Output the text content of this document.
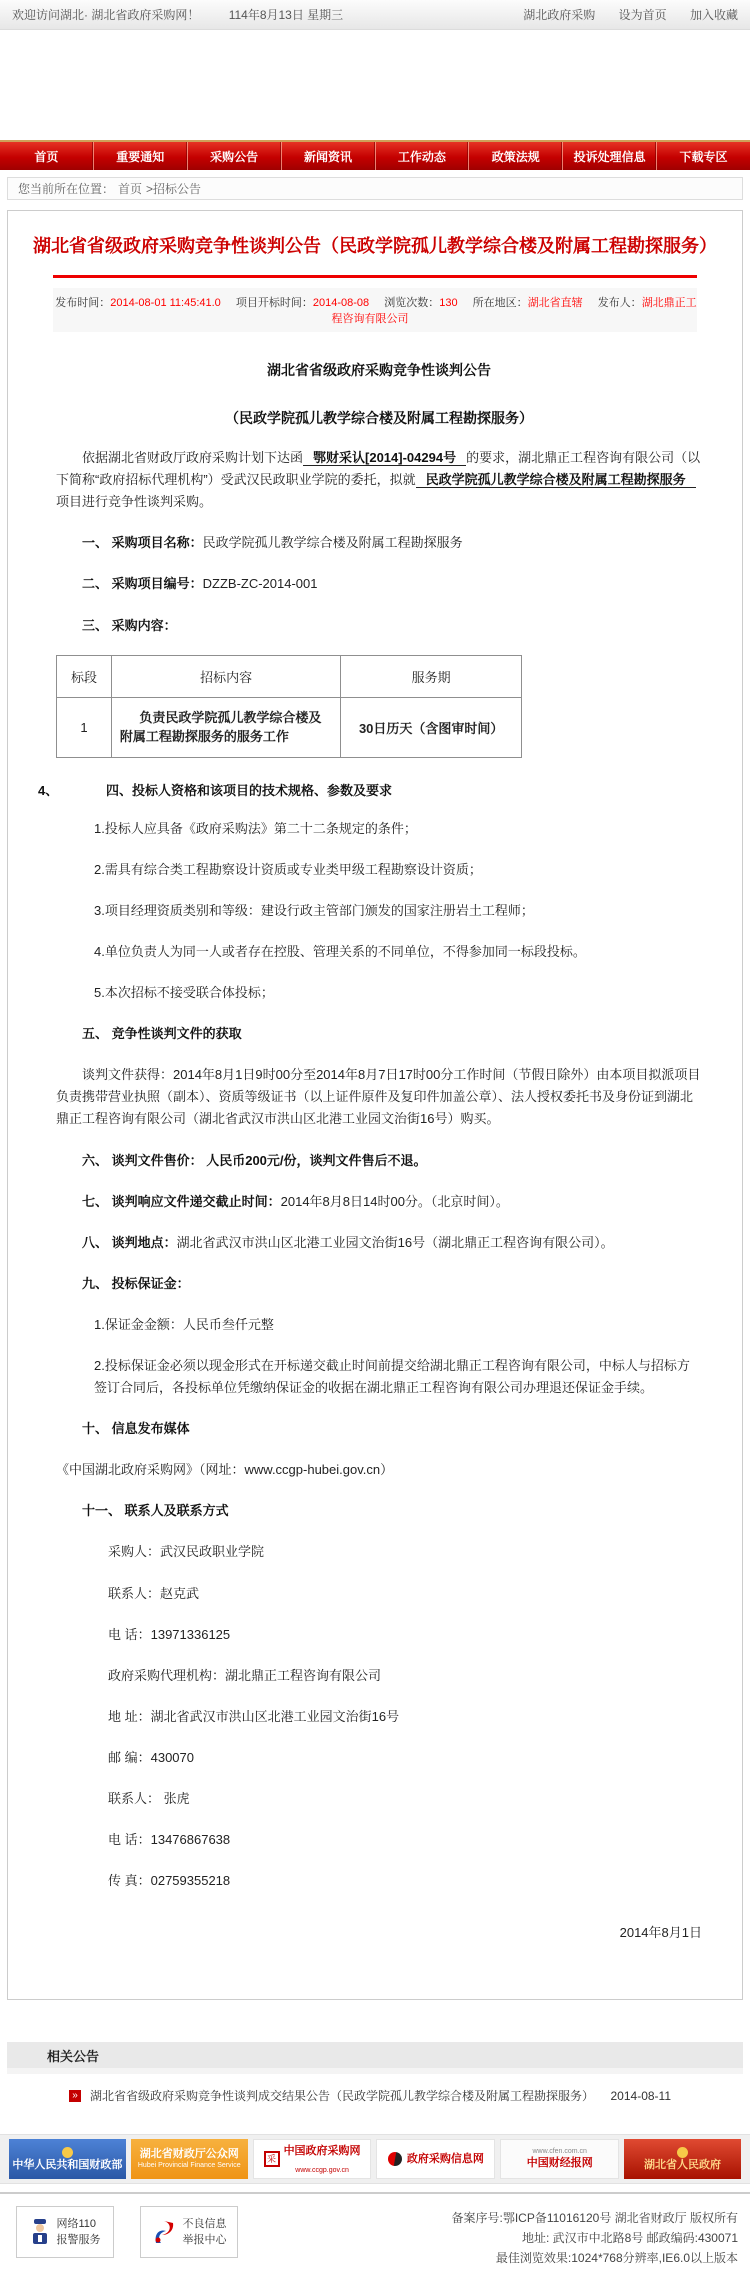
欢迎访问湖北· 湖北省政府采购网！ 114年8月13日 星期三	湖北政府采购 设为首页 加入收藏
首页	重要通知	采购公告	新闻资讯	工作动态	政策法规	投诉处理信息	下载专区
您当前所在位置： 首页 >招标公告
湖北省省级政府采购竞争性谈判公告（民政学院孤儿教学综合楼及附属工程勘探服务）
发布时间：2014-08-01 11:45:41.0 项目开标时间：2014-08-08 浏览次数：130 所在地区：湖北省直辖 发布人：湖北鼎正工程咨询有限公司
湖北省省级政府采购竞争性谈判公告
（民政学院孤儿教学综合楼及附属工程勘探服务）

依据湖北省财政厅政府采购计划下达函 鄂财采认[2014]-04294号 的要求，湖北鼎正工程咨询有限公司（以下简称“政府招标代理机构”）受武汉民政职业学院的委托，拟就 民政学院孤儿教学综合楼及附属工程勘探服务项目进行竞争性谈判采购。

一、 采购项目名称：民政学院孤儿教学综合楼及附属工程勘探服务

二、 采购项目编号：DZZB-ZC-2014-001

三、 采购内容：

标段	招标内容	服务期
1	负责民政学院孤儿教学综合楼及附属工程勘探服务的服务工作	30日历天（含图审时间）
4、	四、投标人资格和该项目的技术规格、参数及要求

1.投标人应具备《政府采购法》第二十二条规定的条件；

2.需具有综合类工程勘察设计资质或专业类甲级工程勘察设计资质；

3.项目经理资质类别和等级：建设行政主管部门颁发的国家注册岩土工程师；

4.单位负责人为同一人或者存在控股、管理关系的不同单位，不得参加同一标段投标。

5.本次招标不接受联合体投标；

五、 竞争性谈判文件的获取

谈判文件获得：2014年8月1日9时00分至2014年8月7日17时00分工作时间（节假日除外）由本项目拟派项目负责携带营业执照（副本）、资质等级证书（以上证件原件及复印件加盖公章）、法人授权委托书及身份证到湖北鼎正工程咨询有限公司（湖北省武汉市洪山区北港工业园文治街16号）购买。

六、 谈判文件售价： 人民币200元/份，谈判文件售后不退。

七、 谈判响应文件递交截止时间：2014年8月8日14时00分。（北京时间）。

八、 谈判地点：湖北省武汉市洪山区北港工业园文治街16号（湖北鼎正工程咨询有限公司）。

九、 投标保证金：

1.保证金金额：人民币叁仟元整

2.投标保证金必须以现金形式在开标递交截止时间前提交给湖北鼎正工程咨询有限公司，中标人与招标方签订合同后，各投标单位凭缴纳保证金的收据在湖北鼎正工程咨询有限公司办理退还保证金手续。

十、 信息发布媒体

《中国湖北政府采购网》（网址：www.ccgp-hubei.gov.cn）

十一、 联系人及联系方式

采购人：武汉民政职业学院

联系人：赵克武

电 话：13971336125

政府采购代理机构：湖北鼎正工程咨询有限公司

地 址：湖北省武汉市洪山区北港工业园文治街16号

邮 编：430070

联系人： 张虎

电 话：13476867638

传 真：02759355218

2014年8月1日

相关公告
» 湖北省省级政府采购竞争性谈判成交结果公告（民政学院孤儿教学综合楼及附属工程勘探服务） 2014-08-11
中华人民共和国财政部
湖北省财政厅公众网
Hubei Provincial Finance Service
采
中国政府采购网
www.ccgp.gov.cn
政府采购信息网
www.cfen.com.cn
中国财经报网	湖北省人民政府
网络110
报警服务
不良信息
举报中心
备案序号:鄂ICP备11016120号 湖北省财政厅 版权所有
地址: 武汉市中北路8号 邮政编码:430071
最佳浏览效果:1024*768分辨率,IE6.0以上版本
